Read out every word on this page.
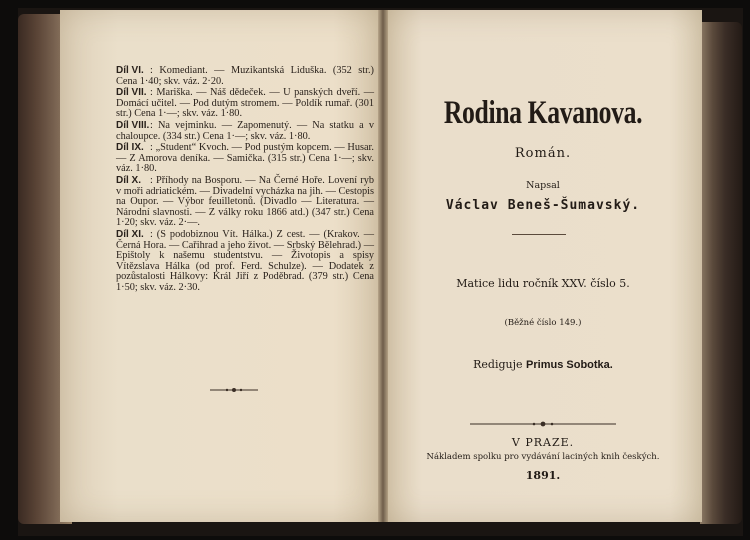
Díl VI. : Komediant. — Muzikantská Liduška. (352 str.) Cena 1·40; skv. váz. 2·20.
Díl VII. : Mariška. — Náš dědeček. — U panských dveří. — Domácí učitel. — Pod dutým stromem. — Poldík rumař. (301 str.) Cena 1·—; skv. váz. 1·80.
Díl VIII. : Na vejminku. — Zapomenutý. — Na statku a v chaloupce. (334 str.) Cena 1·—; skv. váz. 1·80.
Díl IX. : „Student“ Kvoch. — Pod pustým kopcem. — Husar. — Z Amorova deníka. — Samička. (315 str.) Cena 1·—; skv. váz. 1·80.
Díl X. : Příhody na Bosporu. — Na Černé Hoře. Lovení ryb v moři adriatickém. — Divadelní vycházka na jih. — Cestopis na Oupor. — Výbor feuilletonů. (Divadlo — Literatura. — Národní slavnosti. — Z války roku 1866 atd.) (347 str.) Cena 1·20; skv. váz. 2·—.
Díl XI. : (S podobiznou Vít. Hálka.) Z cest. — (Krakov. — Černá Hora. — Cařihrad a jeho život. — Srbský Bělehrad.) — Epištoly k našemu studentstvu. — Životopis a spisy Vítězslava Hálka (od prof. Ferd. Schulze). — Dodatek z pozůstalosti Hálkovy: Král Jiří z Poděbrad. (379 str.) Cena 1·50; skv. váz. 2·30.
Rodina Kavanova.
Román.
Napsal
Václav Beneš-Šumavský.
Matice lidu ročník XXV. číslo 5.
(Běžné číslo 149.)
Rediguje Primus Sobotka.
V PRAZE.
Nákladem spolku pro vydávání laciných knih českých.
1891.
